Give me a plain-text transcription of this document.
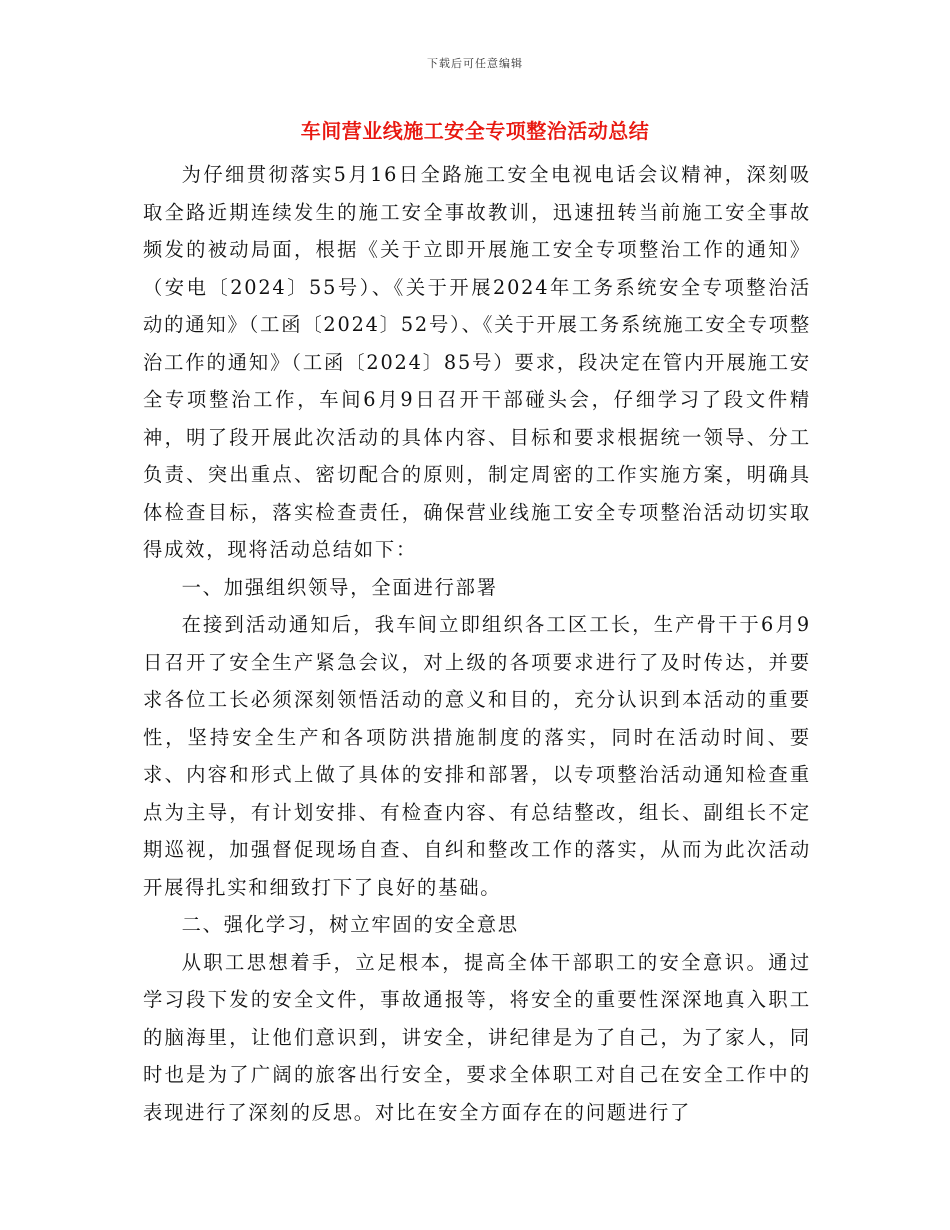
下载后可任意编辑
车间营业线施工安全专项整治活动总结

为仔细贯彻落实5月16日全路施工安全电视电话会议精神，深刻吸取全路近期连续发生的施工安全事故教训，迅速扭转当前施工安全事故频发的被动局面，根据《关于立即开展施工安全专项整治工作的通知》（安电〔2024〕55号）、《关于开展2024年工务系统安全专项整治活动的通知》（工函〔2024〕52号）、《关于开展工务系统施工安全专项整治工作的通知》（工函〔2024〕85号）要求，段决定在管内开展施工安全专项整治工作，车间6月9日召开干部碰头会，仔细学习了段文件精神，明了段开展此次活动的具体内容、目标和要求根据统一领导、分工负责、突出重点、密切配合的原则，制定周密的工作实施方案，明确具体检查目标，落实检查责任，确保营业线施工安全专项整治活动切实取得成效，现将活动总结如下：

一、加强组织领导，全面进行部署

在接到活动通知后，我车间立即组织各工区工长，生产骨干于6月9日召开了安全生产紧急会议，对上级的各项要求进行了及时传达，并要求各位工长必须深刻领悟活动的意义和目的，充分认识到本活动的重要性，坚持安全生产和各项防洪措施制度的落实，同时在活动时间、要求、内容和形式上做了具体的安排和部署，以专项整治活动通知检查重点为主导，有计划安排、有检查内容、有总结整改，组长、副组长不定期巡视，加强督促现场自查、自纠和整改工作的落实，从而为此次活动开展得扎实和细致打下了良好的基础。

二、强化学习，树立牢固的安全意思

从职工思想着手，立足根本，提高全体干部职工的安全意识。通过学习段下发的安全文件，事故通报等，将安全的重要性深深地真入职工的脑海里，让他们意识到，讲安全，讲纪律是为了自己，为了家人，同时也是为了广阔的旅客出行安全，要求全体职工对自己在安全工作中的表现进行了深刻的反思。对比在安全方面存在的问题进行了
